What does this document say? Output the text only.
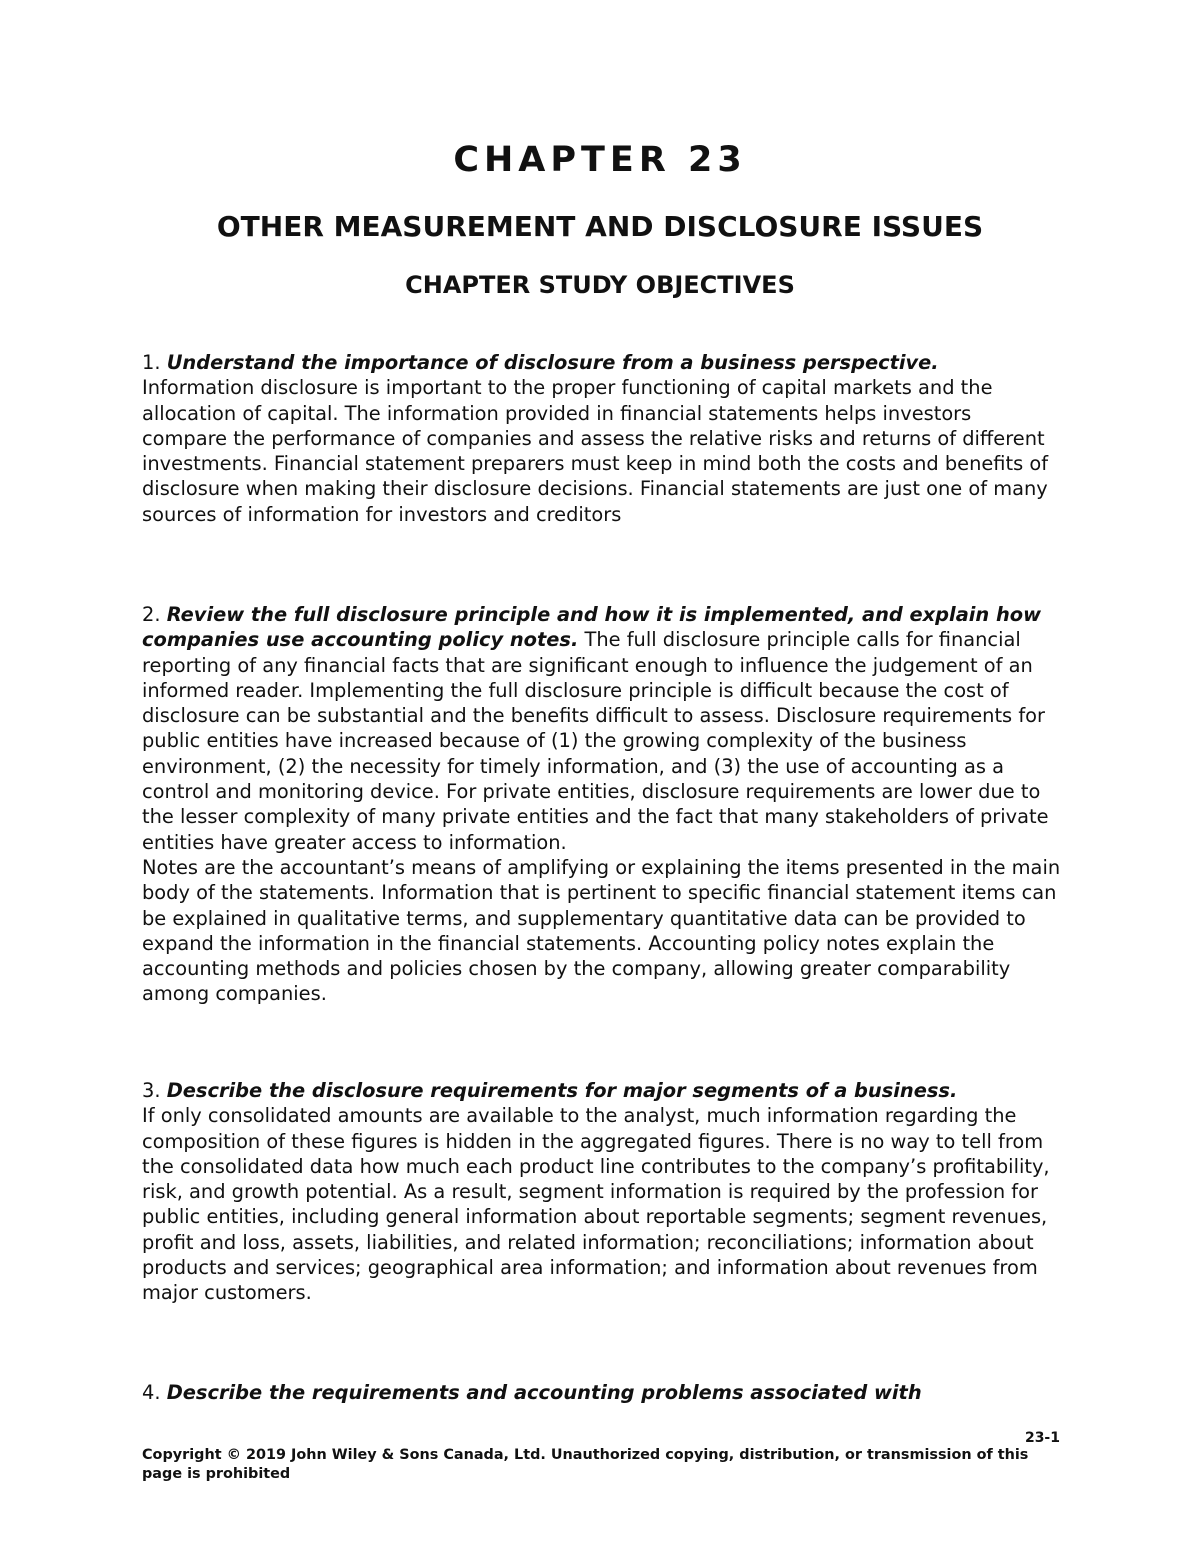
CHAPTER 23
OTHER MEASUREMENT AND DISCLOSURE ISSUES
CHAPTER STUDY OBJECTIVES

1. Understand the importance of disclosure from a business perspective.
Information disclosure is important to the proper functioning of capital markets and the allocation of capital. The information provided in financial statements helps investors compare the performance of companies and assess the relative risks and returns of different investments. Financial statement preparers must keep in mind both the costs and benefits of disclosure when making their disclosure decisions. Financial statements are just one of many sources of information for investors and creditors

2. Review the full disclosure principle and how it is implemented, and explain how companies use accounting policy notes. The full disclosure principle calls for financial reporting of any financial facts that are significant enough to influence the judgement of an informed reader. Implementing the full disclosure principle is difficult because the cost of disclosure can be substantial and the benefits difficult to assess. Disclosure requirements for public entities have increased because of (1) the growing complexity of the business environment, (2) the necessity for timely information, and (3) the use of accounting as a control and monitoring device. For private entities, disclosure requirements are lower due to the lesser complexity of many private entities and the fact that many stakeholders of private entities have greater access to information.

Notes are the accountant’s means of amplifying or explaining the items presented in the main body of the statements. Information that is pertinent to specific financial statement items can be explained in qualitative terms, and supplementary quantitative data can be provided to expand the information in the financial statements. Accounting policy notes explain the accounting methods and policies chosen by the company, allowing greater comparability among companies.

3. Describe the disclosure requirements for major segments of a business.
If only consolidated amounts are available to the analyst, much information regarding the composition of these figures is hidden in the aggregated figures. There is no way to tell from the consolidated data how much each product line contributes to the company’s profitability, risk, and growth potential. As a result, segment information is required by the profession for public entities, including general information about reportable segments; segment revenues, profit and loss, assets, liabilities, and related information; reconciliations; information about products and services; geographical area information; and information about revenues from major customers.

4. Describe the requirements and accounting problems associated with

23-1
Copyright © 2019 John Wiley & Sons Canada, Ltd. Unauthorized copying, distribution, or transmission of this page is prohibited
